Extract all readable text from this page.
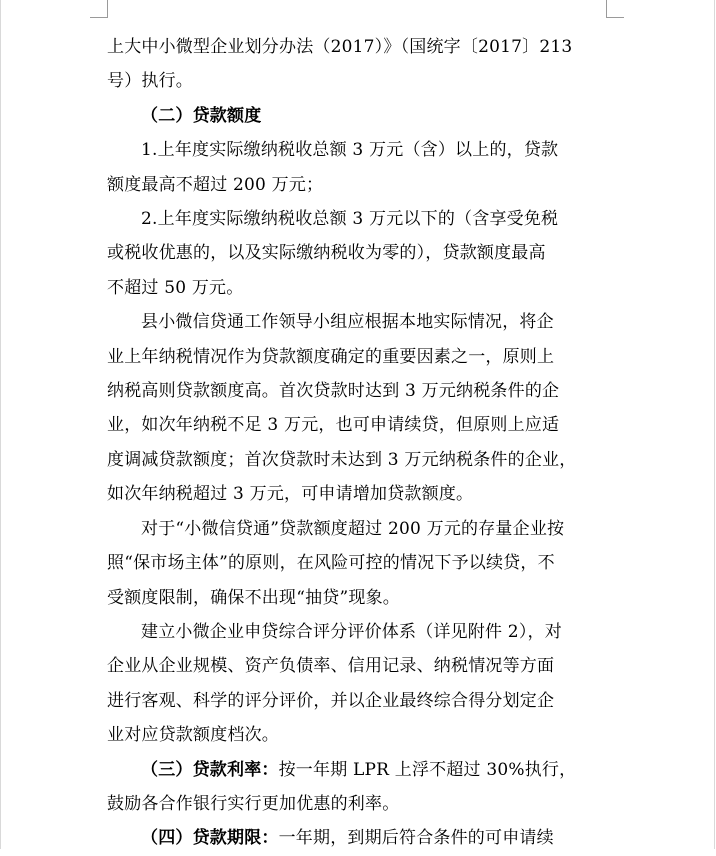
上大中小微型企业划分办法（2017）》（国统字〔2017〕213
号）执行。

（二）贷款额度

1.上年度实际缴纳税收总额 3 万元（含）以上的，贷款
额度最高不超过 200 万元；

2.上年度实际缴纳税收总额 3 万元以下的（含享受免税
或税收优惠的，以及实际缴纳税收为零的），贷款额度最高
不超过 50 万元。

县小微信贷通工作领导小组应根据本地实际情况，将企
业上年纳税情况作为贷款额度确定的重要因素之一，原则上
纳税高则贷款额度高。首次贷款时达到 3 万元纳税条件的企
业，如次年纳税不足 3 万元，也可申请续贷，但原则上应适
度调减贷款额度；首次贷款时未达到 3 万元纳税条件的企业，
如次年纳税超过 3 万元，可申请增加贷款额度。

对于“小微信贷通”贷款额度超过 200 万元的存量企业按
照“保市场主体”的原则，在风险可控的情况下予以续贷，不
受额度限制，确保不出现“抽贷”现象。

建立小微企业申贷综合评分评价体系（详见附件 2），对
企业从企业规模、资产负债率、信用记录、纳税情况等方面
进行客观、科学的评分评价，并以企业最终综合得分划定企
业对应贷款额度档次。

（三）贷款利率：按一年期 LPR 上浮不超过 30%执行，
鼓励各合作银行实行更加优惠的利率。

（四）贷款期限：一年期，到期后符合条件的可申请续
